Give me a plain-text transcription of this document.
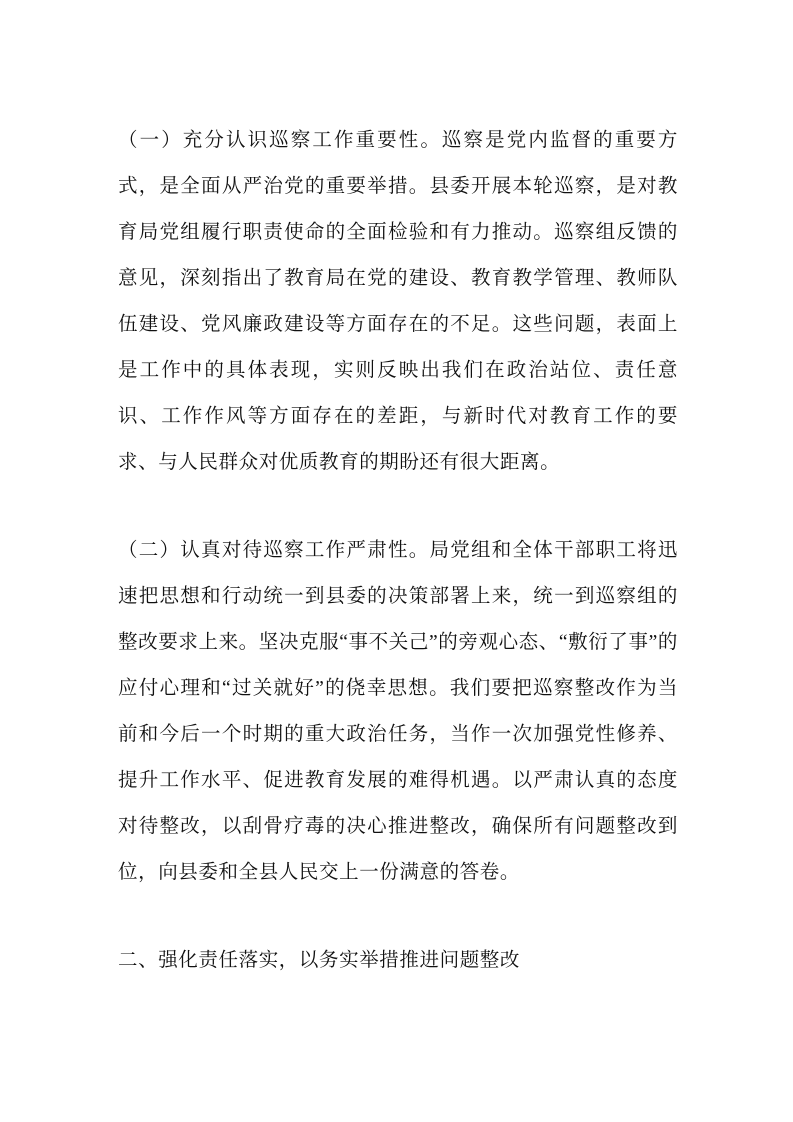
（一）充分认识巡察工作重要性。巡察是党内监督的重要方式，是全面从严治党的重要举措。县委开展本轮巡察，是对教育局党组履行职责使命的全面检验和有力推动。巡察组反馈的意见，深刻指出了教育局在党的建设、教育教学管理、教师队伍建设、党风廉政建设等方面存在的不足。这些问题，表面上是工作中的具体表现，实则反映出我们在政治站位、责任意识、工作作风等方面存在的差距，与新时代对教育工作的要求、与人民群众对优质教育的期盼还有很大距离。

（二）认真对待巡察工作严肃性。局党组和全体干部职工将迅速把思想和行动统一到县委的决策部署上来，统一到巡察组的整改要求上来。坚决克服“事不关己”的旁观心态、“敷衍了事”的应付心理和“过关就好”的侥幸思想。我们要把巡察整改作为当前和今后一个时期的重大政治任务，当作一次加强党性修养、提升工作水平、促进教育发展的难得机遇。以严肃认真的态度对待整改，以刮骨疗毒的决心推进整改，确保所有问题整改到位，向县委和全县人民交上一份满意的答卷。

二、强化责任落实，以务实举措推进问题整改
